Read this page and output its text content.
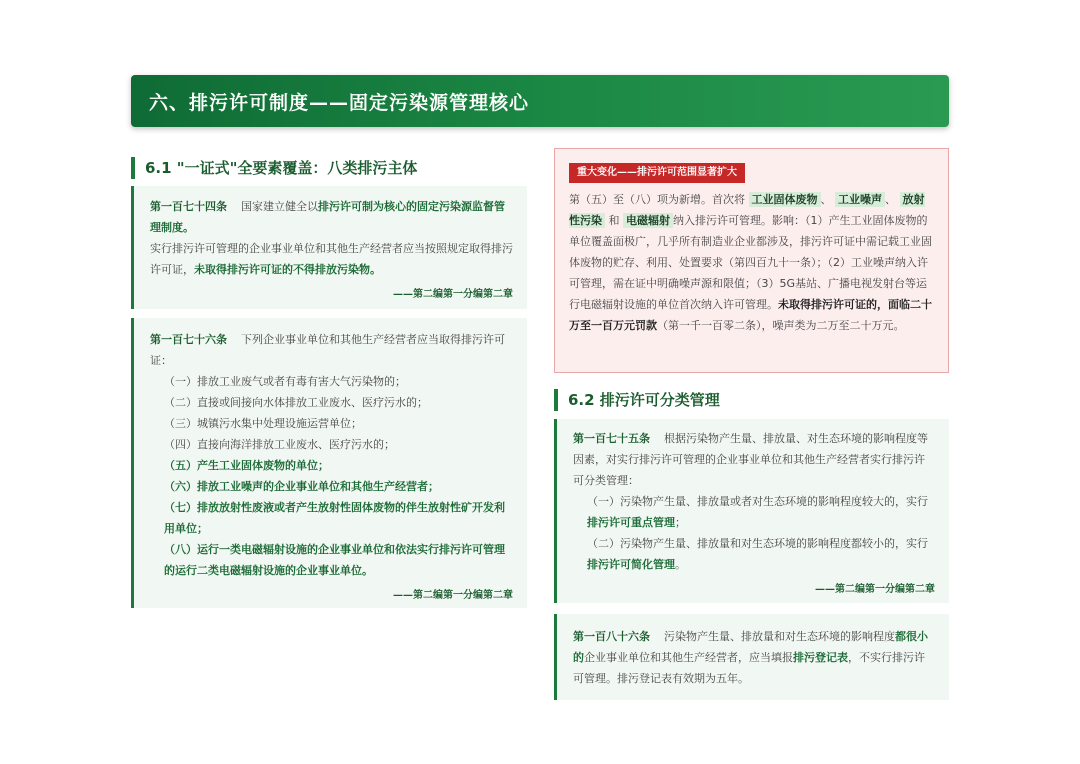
六、排污许可制度——固定污染源管理核心
6.1 "一证式"全要素覆盖：八类排污主体
第一百七十四条 国家建立健全以排污许可制为核心的固定污染源监督管理制度。
实行排污许可管理的企业事业单位和其他生产经营者应当按照规定取得排污许可证，未取得排污许可证的不得排放污染物。
——第二编第一分编第二章
第一百七十六条 下列企业事业单位和其他生产经营者应当取得排污许可证：
（一）排放工业废气或者有毒有害大气污染物的；
（二）直接或间接向水体排放工业废水、医疗污水的；
（三）城镇污水集中处理设施运营单位；
（四）直接向海洋排放工业废水、医疗污水的；
（五）产生工业固体废物的单位；
（六）排放工业噪声的企业事业单位和其他生产经营者；
（七）排放放射性废液或者产生放射性固体废物的伴生放射性矿开发利用单位；
（八）运行一类电磁辐射设施的企业事业单位和依法实行排污许可管理的运行二类电磁辐射设施的企业事业单位。
——第二编第一分编第二章
重大变化——排污许可范围显著扩大
第（五）至（八）项为新增。首次将 工业固体废物 、 工业噪声 、 放射性污染 和 电磁辐射 纳入排污许可管理。影响：（1）产生工业固体废物的单位覆盖面极广，几乎所有制造业企业都涉及，排污许可证中需记载工业固体废物的贮存、利用、处置要求（第四百九十一条）；（2）工业噪声纳入许可管理，需在证中明确噪声源和限值；（3）5G基站、广播电视发射台等运行电磁辐射设施的单位首次纳入许可管理。未取得排污许可证的，面临二十万至一百万元罚款（第一千一百零二条），噪声类为二万至二十万元。
6.2 排污许可分类管理
第一百七十五条 根据污染物产生量、排放量、对生态环境的影响程度等因素，对实行排污许可管理的企业事业单位和其他生产经营者实行排污许可分类管理：
（一）污染物产生量、排放量或者对生态环境的影响程度较大的，实行排污许可重点管理；
（二）污染物产生量、排放量和对生态环境的影响程度都较小的，实行排污许可简化管理。
——第二编第一分编第二章
第一百八十六条 污染物产生量、排放量和对生态环境的影响程度都很小的企业事业单位和其他生产经营者，应当填报排污登记表，不实行排污许可管理。排污登记表有效期为五年。
